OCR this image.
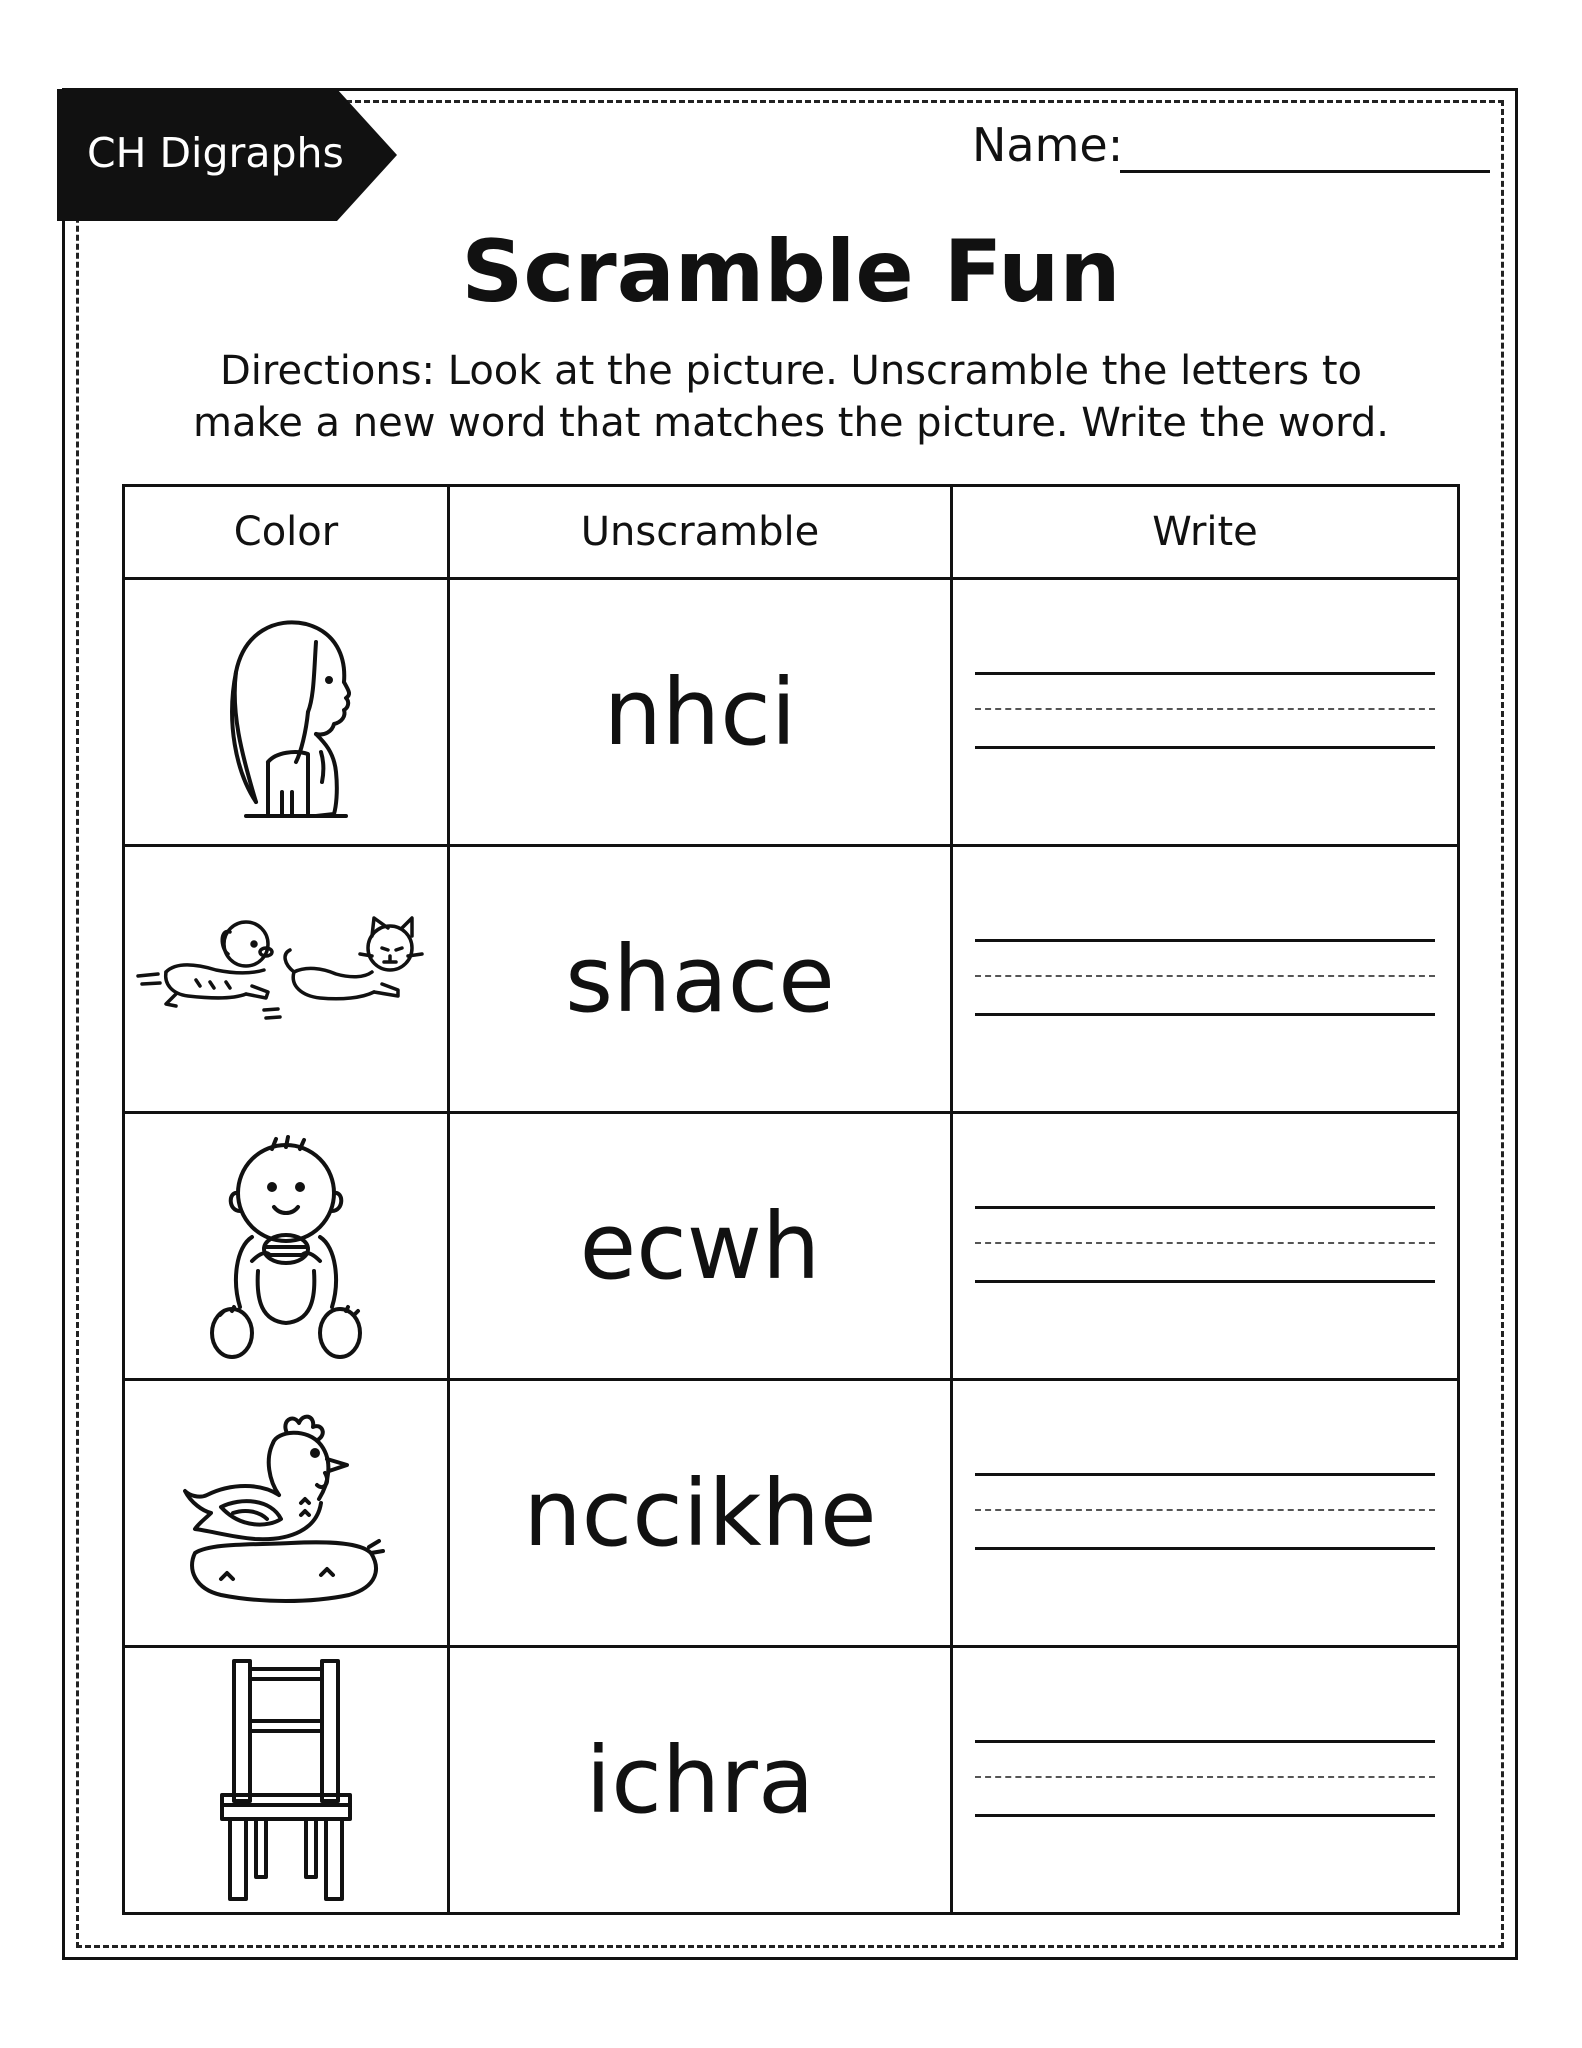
CH Digraphs	Name:
Scramble Fun
Directions: Look at the picture. Unscramble the letters to
make a new word that matches the picture. Write the word.
Color	Unscramble	Write

	nhci	

	shace	

	ecwh	

	nccikhe	

	ichra	
